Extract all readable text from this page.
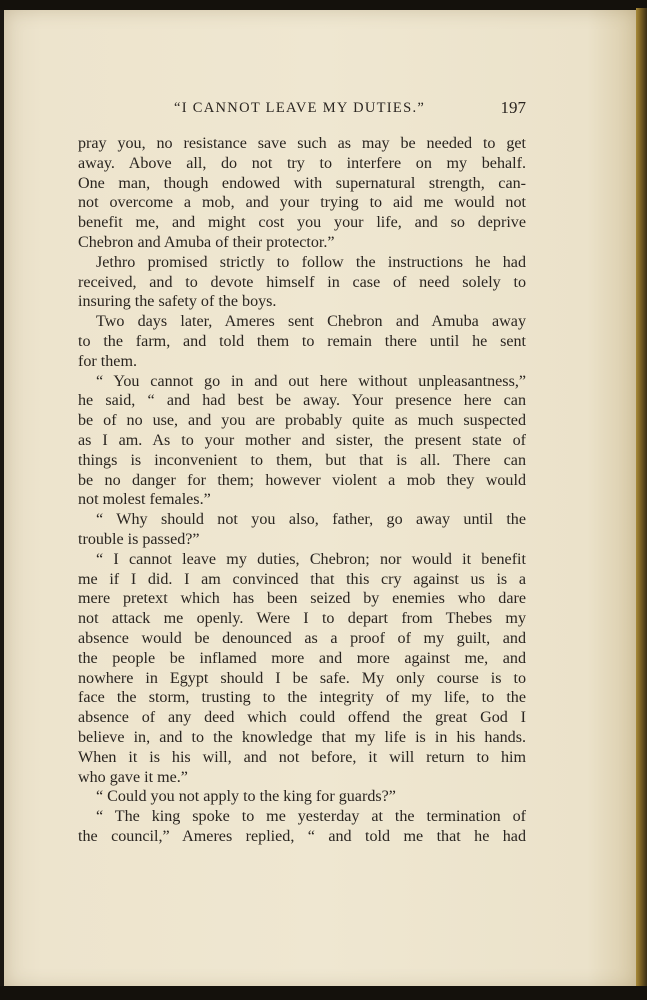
“I CANNOT LEAVE MY DUTIES.”	197
pray you, no resistance save such as may be needed to get
away. Above all, do not try to interfere on my behalf.
One man, though endowed with supernatural strength, can-
not overcome a mob, and your trying to aid me would not
benefit me, and might cost you your life, and so deprive
Chebron and Amuba of their protector.”
Jethro promised strictly to follow the instructions he had
received, and to devote himself in case of need solely to
insuring the safety of the boys.
Two days later, Ameres sent Chebron and Amuba away
to the farm, and told them to remain there until he sent
for them.
“ You cannot go in and out here without unpleasantness,”
he said, “ and had best be away. Your presence here can
be of no use, and you are probably quite as much suspected
as I am. As to your mother and sister, the present state of
things is inconvenient to them, but that is all. There can
be no danger for them; however violent a mob they would
not molest females.”
“ Why should not you also, father, go away until the
trouble is passed?”
“ I cannot leave my duties, Chebron; nor would it benefit
me if I did. I am convinced that this cry against us is a
mere pretext which has been seized by enemies who dare
not attack me openly. Were I to depart from Thebes my
absence would be denounced as a proof of my guilt, and
the people be inflamed more and more against me, and
nowhere in Egypt should I be safe. My only course is to
face the storm, trusting to the integrity of my life, to the
absence of any deed which could offend the great God I
believe in, and to the knowledge that my life is in his hands.
When it is his will, and not before, it will return to him
who gave it me.”
“ Could you not apply to the king for guards?”
“ The king spoke to me yesterday at the termination of
the council,” Ameres replied, “ and told me that he had
